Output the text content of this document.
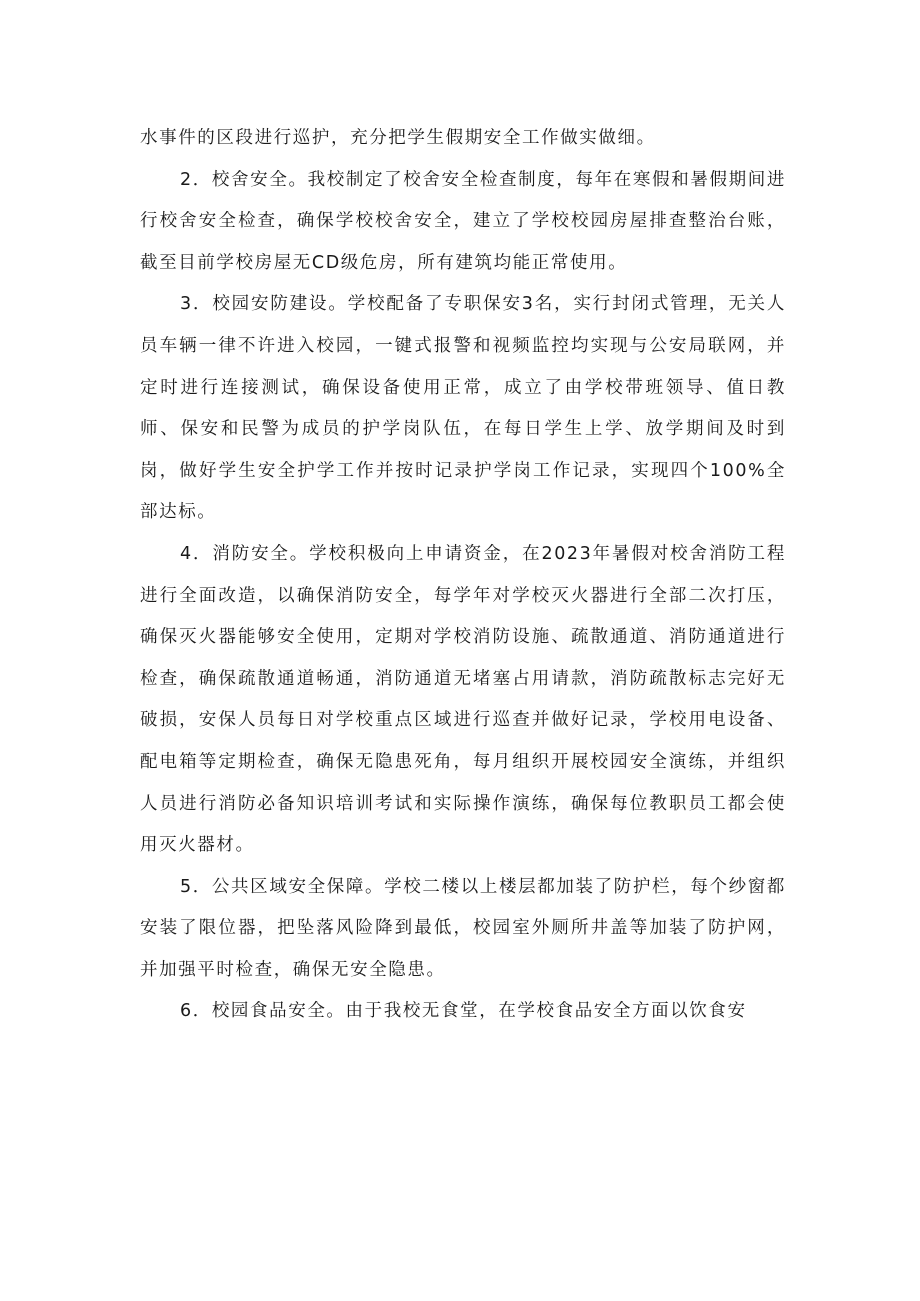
水事件的区段进行巡护，充分把学生假期安全工作做实做细。

2．校舍安全。我校制定了校舍安全检查制度，每年在寒假和暑假期间进行校舍安全检查，确保学校校舍安全，建立了学校校园房屋排查整治台账，截至目前学校房屋无CD级危房，所有建筑均能正常使用。

3．校园安防建设。学校配备了专职保安3名，实行封闭式管理，无关人员车辆一律不许进入校园，一键式报警和视频监控均实现与公安局联网，并定时进行连接测试，确保设备使用正常，成立了由学校带班领导、值日教师、保安和民警为成员的护学岗队伍，在每日学生上学、放学期间及时到岗，做好学生安全护学工作并按时记录护学岗工作记录，实现四个100%全部达标。

4．消防安全。学校积极向上申请资金，在2023年暑假对校舍消防工程进行全面改造，以确保消防安全，每学年对学校灭火器进行全部二次打压，确保灭火器能够安全使用，定期对学校消防设施、疏散通道、消防通道进行检查，确保疏散通道畅通，消防通道无堵塞占用请款，消防疏散标志完好无破损，安保人员每日对学校重点区域进行巡查并做好记录，学校用电设备、配电箱等定期检查，确保无隐患死角，每月组织开展校园安全演练，并组织人员进行消防必备知识培训考试和实际操作演练，确保每位教职员工都会使用灭火器材。

5．公共区域安全保障。学校二楼以上楼层都加装了防护栏，每个纱窗都安装了限位器，把坠落风险降到最低，校园室外厕所井盖等加装了防护网，并加强平时检查，确保无安全隐患。

6．校园食品安全。由于我校无食堂，在学校食品安全方面以饮食安
